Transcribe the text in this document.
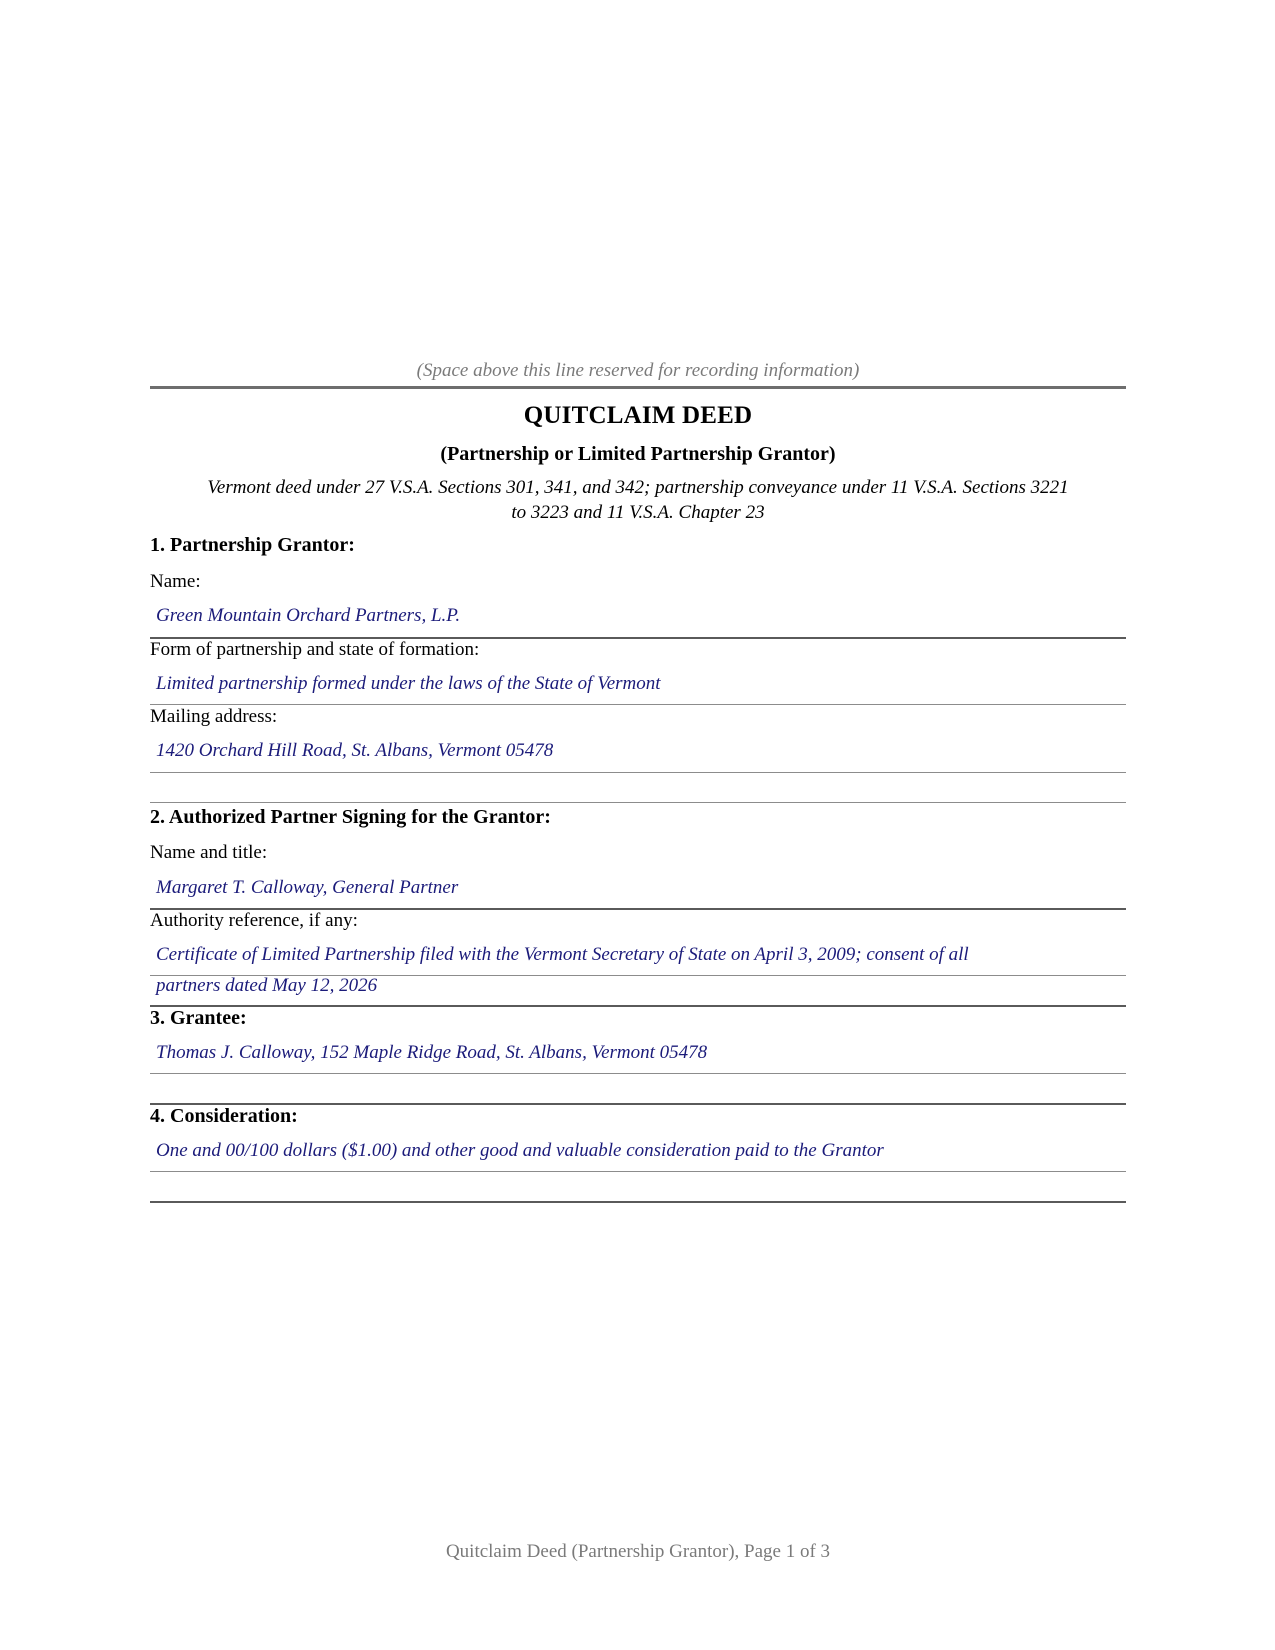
(Space above this line reserved for recording information)
QUITCLAIM DEED
(Partnership or Limited Partnership Grantor)
Vermont deed under 27 V.S.A. Sections 301, 341, and 342; partnership conveyance under 11 V.S.A. Sections 3221
to 3223 and 11 V.S.A. Chapter 23
1. Partnership Grantor:
Name:
Green Mountain Orchard Partners, L.P.
Form of partnership and state of formation:
Limited partnership formed under the laws of the State of Vermont
Mailing address:
1420 Orchard Hill Road, St. Albans, Vermont 05478
2. Authorized Partner Signing for the Grantor:
Name and title:
Margaret T. Calloway, General Partner
Authority reference, if any:
Certificate of Limited Partnership filed with the Vermont Secretary of State on April 3, 2009; consent of all
partners dated May 12, 2026
3. Grantee:
Thomas J. Calloway, 152 Maple Ridge Road, St. Albans, Vermont 05478
4. Consideration:
One and 00/100 dollars ($1.00) and other good and valuable consideration paid to the Grantor
Quitclaim Deed (Partnership Grantor), Page 1 of 3
